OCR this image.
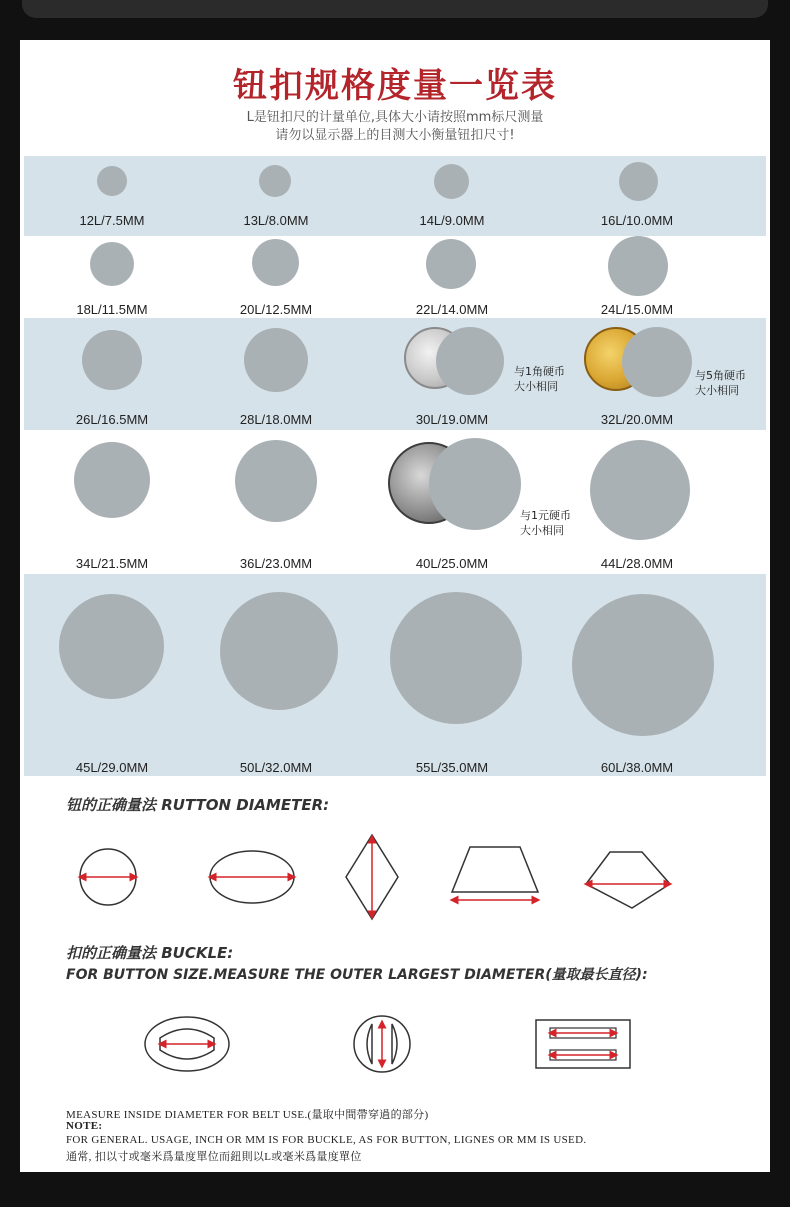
钮扣规格度量一览表
L是钮扣尺的计量单位,具体大小请按照mm标尺测量
请勿以显示器上的目测大小衡量钮扣尺寸!
12L/7.5MM	13L/8.0MM	14L/9.0MM	16L/10.0MM
18L/11.5MM	20L/12.5MM	22L/14.0MM	24L/15.0MM
与1角硬币
大小相同
与5角硬币
大小相同
26L/16.5MM	28L/18.0MM	30L/19.0MM	32L/20.0MM
与1元硬币
大小相同
34L/21.5MM	36L/23.0MM	40L/25.0MM	44L/28.0MM
45L/29.0MM	50L/32.0MM	55L/35.0MM	60L/38.0MM
钮的正确量法 RUTTON DIAMETER:
扣的正确量法 BUCKLE:
FOR BUTTON SIZE.MEASURE THE OUTER LARGEST DIAMETER(量取最长直径):
MEASURE INSIDE DIAMETER FOR BELT USE.(量取中間帶穿過的部分)
NOTE:
FOR GENERAL. USAGE, INCH OR MM IS FOR BUCKLE, AS FOR BUTTON, LIGNES OR MM IS USED.
通常, 扣以寸或毫米爲量度單位而鈕則以L或毫米爲量度單位
